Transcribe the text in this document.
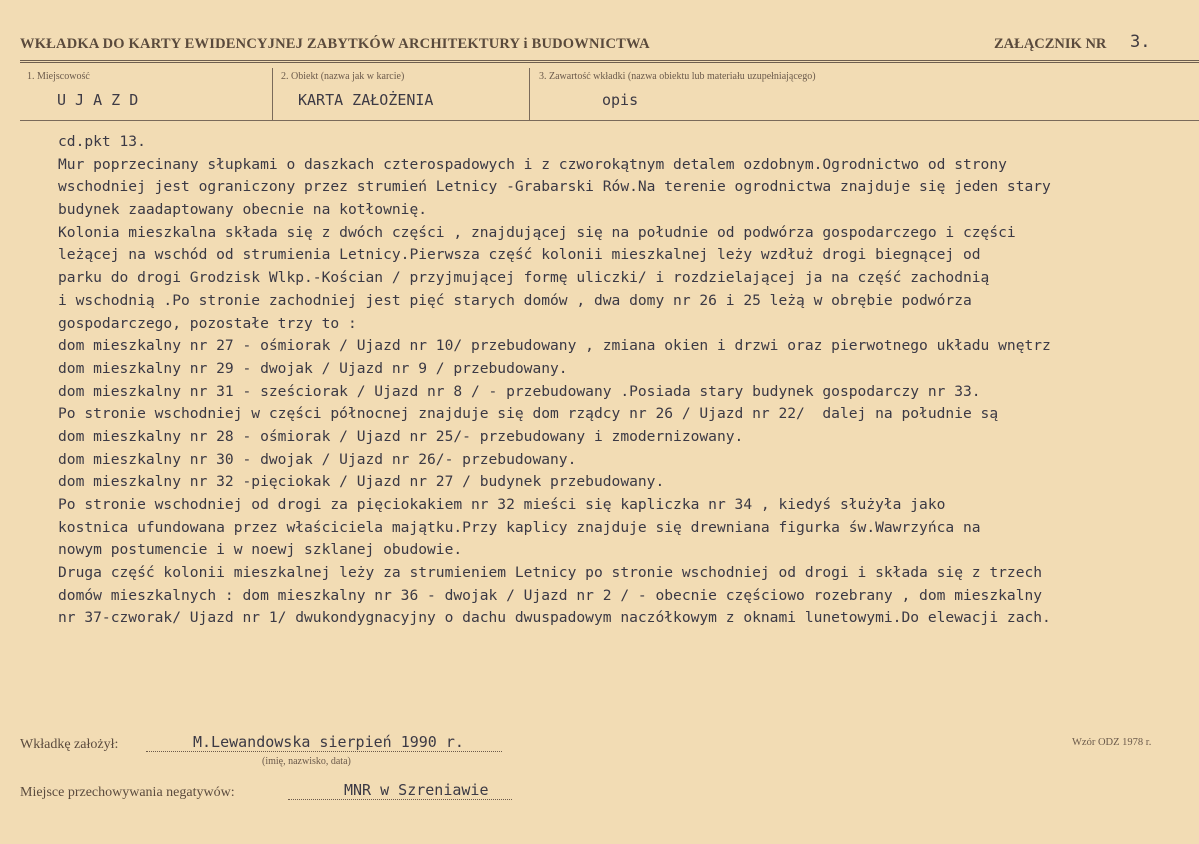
WKŁADKA DO KARTY EWIDENCYJNEJ ZABYTKÓW ARCHITEKTURY i BUDOWNICTWA	ZAŁĄCZNIK NR 3.
1. Miejscowość
U J A Z D
2. Obiekt (nazwa jak w karcie)
KARTA ZAŁOŻENIA
3. Zawartość wkładki (nazwa obiektu lub materiału uzupełniającego)
opis
cd.pkt 13.
Mur poprzecinany słupkami o daszkach czterospadowych i z czworokątnym detalem ozdobnym.Ogrodnictwo od strony
wschodniej jest ograniczony przez strumień Letnicy -Grabarski Rów.Na terenie ogrodnictwa znajduje się jeden stary
budynek zaadaptowany obecnie na kotłownię.
Kolonia mieszkalna składa się z dwóch części , znajdującej się na południe od podwórza gospodarczego i części
leżącej na wschód od strumienia Letnicy.Pierwsza część kolonii mieszkalnej leży wzdłuż drogi biegnącej od
parku do drogi Grodzisk Wlkp.-Kościan / przyjmującej formę uliczki/ i rozdzielającej ja na część zachodnią
i wschodnią .Po stronie zachodniej jest pięć starych domów , dwa domy nr 26 i 25 leżą w obrębie podwórza
gospodarczego, pozostałe trzy to :
dom mieszkalny nr 27 - ośmiorak / Ujazd nr 10/ przebudowany , zmiana okien i drzwi oraz pierwotnego układu wnętrz
dom mieszkalny nr 29 - dwojak / Ujazd nr 9 / przebudowany.
dom mieszkalny nr 31 - sześciorak / Ujazd nr 8 / - przebudowany .Posiada stary budynek gospodarczy nr 33.
Po stronie wschodniej w części północnej znajduje się dom rządcy nr 26 / Ujazd nr 22/  dalej na południe są
dom mieszkalny nr 28 - ośmiorak / Ujazd nr 25/- przebudowany i zmodernizowany.
dom mieszkalny nr 30 - dwojak / Ujazd nr 26/- przebudowany.
dom mieszkalny nr 32 -pięciokak / Ujazd nr 27 / budynek przebudowany.
Po stronie wschodniej od drogi za pięciokakiem nr 32 mieści się kapliczka nr 34 , kiedyś służyła jako
kostnica ufundowana przez właściciela majątku.Przy kaplicy znajduje się drewniana figurka św.Wawrzyńca na
nowym postumencie i w noewj szklanej obudowie.
Druga część kolonii mieszkalnej leży za strumieniem Letnicy po stronie wschodniej od drogi i składa się z trzech
domów mieszkalnych : dom mieszkalny nr 36 - dwojak / Ujazd nr 2 / - obecnie częściowo rozebrany , dom mieszkalny
nr 37-czworak/ Ujazd nr 1/ dwukondygnacyjny o dachu dwuspadowym naczółkowym z oknami lunetowymi.Do elewacji zach.
Wkładkę założył:	M.Lewandowska sierpień 1990 r.
(imię, nazwisko, data)
Wzór ODZ 1978 r.
Miejsce przechowywania negatywów:	MNR w Szreniawie
